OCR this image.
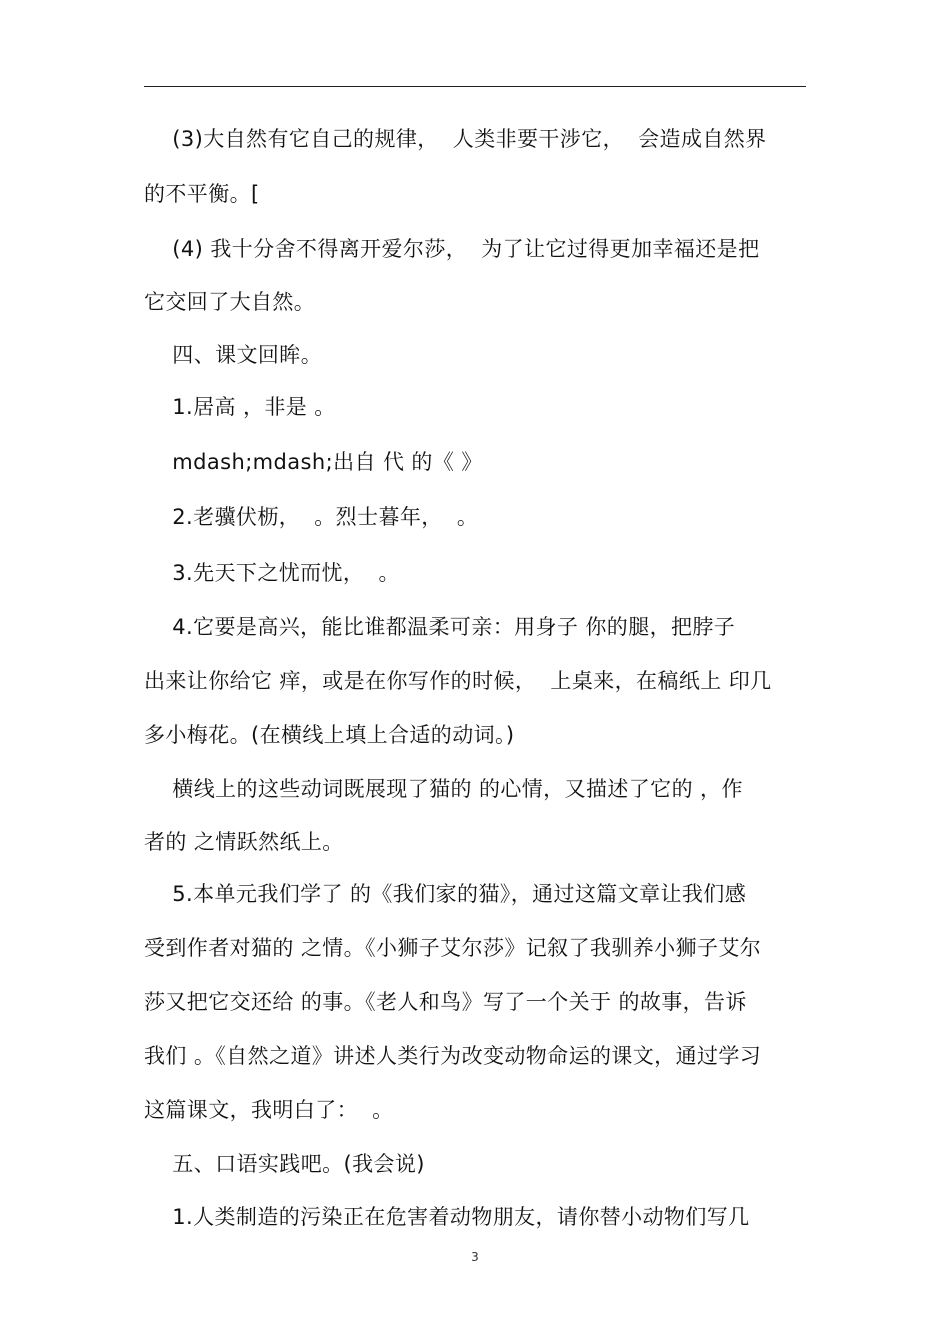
(3)大自然有它自己的规律，  人类非要干涉它，  会造成自然界
的不平衡。[
(4) 我十分舍不得离开爱尔莎，  为了让它过得更加幸福还是把
它交回了大自然。
四、课文回眸。
1.居高 ，非是 。
mdash;mdash;出自 代 的《 》
2.老骥伏枥，  。烈士暮年，  。
3.先天下之忧而忧，  。
4.它要是高兴，能比谁都温柔可亲：用身子 你的腿，把脖子
出来让你给它 痒，或是在你写作的时候，  上桌来，在稿纸上 印几
多小梅花。(在横线上填上合适的动词。)
横线上的这些动词既展现了猫的 的心情，又描述了它的 ，作
者的 之情跃然纸上。
5.本单元我们学了 的《我们家的猫》，通过这篇文章让我们感
受到作者对猫的 之情。《小狮子艾尔莎》记叙了我驯养小狮子艾尔
莎又把它交还给 的事。《老人和鸟》写了一个关于 的故事，告诉
我们 。《自然之道》讲述人类行为改变动物命运的课文，通过学习
这篇课文，我明白了：  。
五、口语实践吧。(我会说)
1.人类制造的污染正在危害着动物朋友，请你替小动物们写几
3
